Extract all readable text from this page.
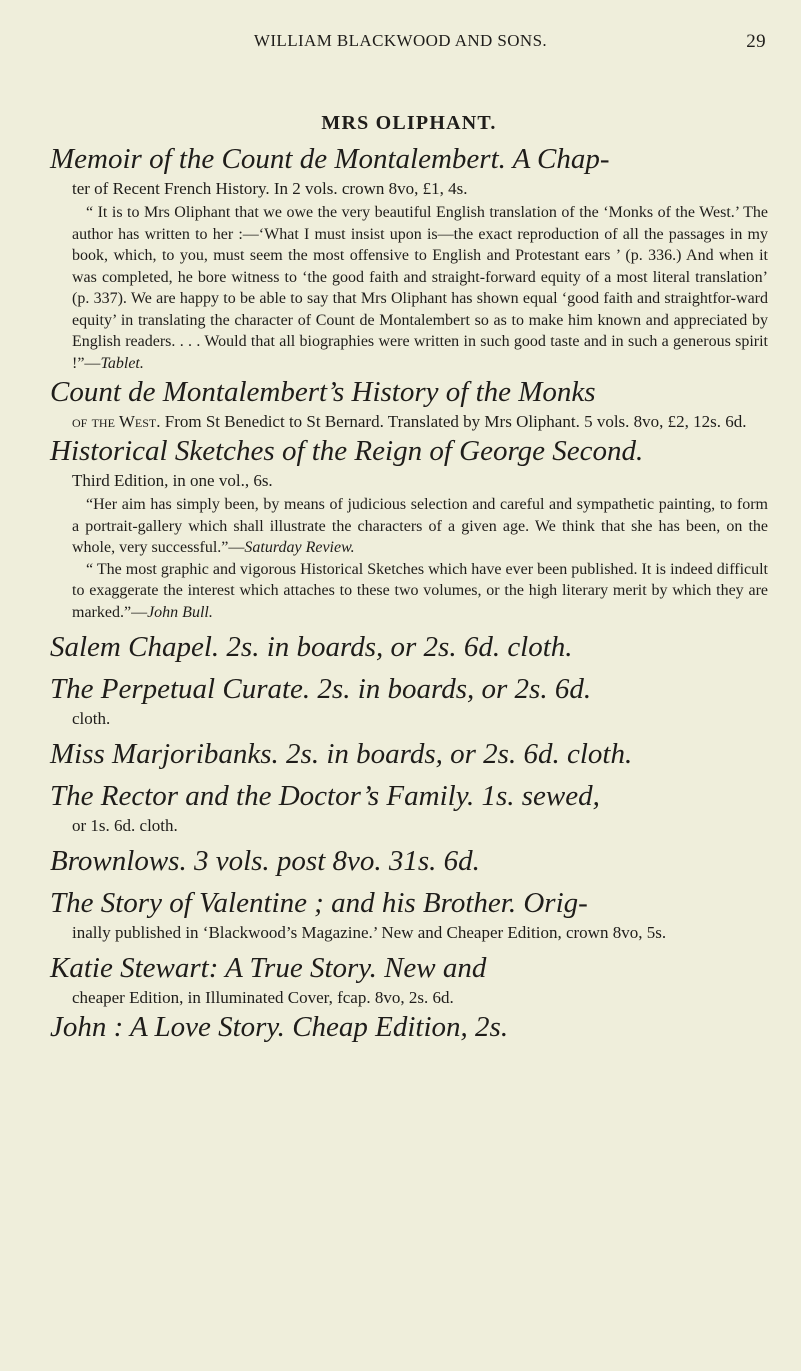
WILLIAM BLACKWOOD AND SONS.	29
MRS OLIPHANT.

Memoir of the Count de Montalembert. A Chap-

ter of Recent French History. In 2 vols. crown 8vo, £1, 4s.

“ It is to Mrs Oliphant that we owe the very beautiful English translation of the ‘Monks of the West.’ The author has written to her :—‘What I must insist upon is—the exact reproduction of all the passages in my book, which, to you, must seem the most offensive to English and Protestant ears ’ (p. 336.) And when it was completed, he bore witness to ‘the good faith and straight-forward equity of a most literal translation’ (p. 337). We are happy to be able to say that Mrs Oliphant has shown equal ‘good faith and straightfor-ward equity’ in translating the character of Count de Montalembert so as to make him known and appreciated by English readers. . . . Would that all biographies were written in such good taste and in such a generous spirit !”—Tablet.

Count de Montalembert’s History of the Monks

of the West. From St Benedict to St Bernard. Translated by Mrs Oliphant. 5 vols. 8vo, £2, 12s. 6d.

Historical Sketches of the Reign of George Second.

Third Edition, in one vol., 6s.

“Her aim has simply been, by means of judicious selection and careful and sympathetic painting, to form a portrait-gallery which shall illustrate the characters of a given age. We think that she has been, on the whole, very successful.”—Saturday Review.

“ The most graphic and vigorous Historical Sketches which have ever been published. It is indeed difficult to exaggerate the interest which attaches to these two volumes, or the high literary merit by which they are marked.”—John Bull.

Salem Chapel. 2s. in boards, or 2s. 6d. cloth.

The Perpetual Curate. 2s. in boards, or 2s. 6d.

cloth.

Miss Marjoribanks. 2s. in boards, or 2s. 6d. cloth.

The Rector and the Doctor’s Family. 1s. sewed,

or 1s. 6d. cloth.

Brownlows. 3 vols. post 8vo. 31s. 6d.

The Story of Valentine ; and his Brother. Orig-

inally published in ‘Blackwood’s Magazine.’ New and Cheaper Edition, crown 8vo, 5s.

Katie Stewart: A True Story. New and

cheaper Edition, in Illuminated Cover, fcap. 8vo, 2s. 6d.

John : A Love Story. Cheap Edition, 2s.
